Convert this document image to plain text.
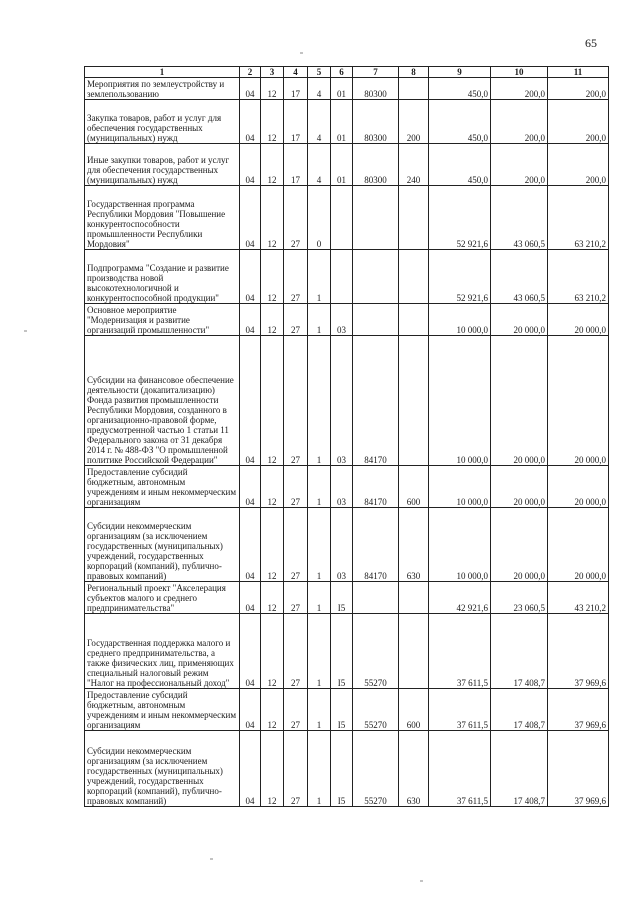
65
1	2	3	4	5	6	7	8	9	10	11
Мероприятия по землеустройству и землепользованию	04	12	17	4	01	80300		450,0	200,0	200,0
Закупка товаров, работ и услуг для обеспечения государственных (муниципальных) нужд	04	12	17	4	01	80300	200	450,0	200,0	200,0
Иные закупки товаров, работ и услуг для обеспечения государственных (муниципальных) нужд	04	12	17	4	01	80300	240	450,0	200,0	200,0
Государственная программа Республики Мордовия "Повышение конкурентоспособности промышленности Республики Мордовия"	04	12	27	0				52 921,6	43 060,5	63 210,2
Подпрограмма "Создание и развитие производства новой высокотехнологичной и конкурентоспособной продукции"	04	12	27	1				52 921,6	43 060,5	63 210,2
Основное мероприятие "Модернизация и развитие организаций промышленности"	04	12	27	1	03			10 000,0	20 000,0	20 000,0
Субсидии на финансовое обеспечение деятельности (докапитализацию) Фонда развития промышленности Республики Мордовия, созданного в организационно-правовой форме, предусмотренной частью 1 статьи 11 Федерального закона от 31 декабря 2014 г. № 488-ФЗ "О промышленной политике Российской Федерации"	04	12	27	1	03	84170		10 000,0	20 000,0	20 000,0
Предоставление субсидий бюджетным, автономным учреждениям и иным некоммерческим организациям	04	12	27	1	03	84170	600	10 000,0	20 000,0	20 000,0
Субсидии некоммерческим организациям (за исключением государственных (муниципальных) учреждений, государственных корпораций (компаний), публично-правовых компаний)	04	12	27	1	03	84170	630	10 000,0	20 000,0	20 000,0
Региональный проект "Акселерация субъектов малого и среднего предпринимательства"	04	12	27	1	I5			42 921,6	23 060,5	43 210,2
Государственная поддержка малого и среднего предпринимательства, а также физических лиц, применяющих специальный налоговый режим "Налог на профессиональный доход"	04	12	27	1	I5	55270		37 611,5	17 408,7	37 969,6
Предоставление субсидий бюджетным, автономным учреждениям и иным некоммерческим организациям	04	12	27	1	I5	55270	600	37 611,5	17 408,7	37 969,6
Субсидии некоммерческим организациям (за исключением государственных (муниципальных) учреждений, государственных корпораций (компаний), публично-правовых компаний)	04	12	27	1	I5	55270	630	37 611,5	17 408,7	37 969,6
